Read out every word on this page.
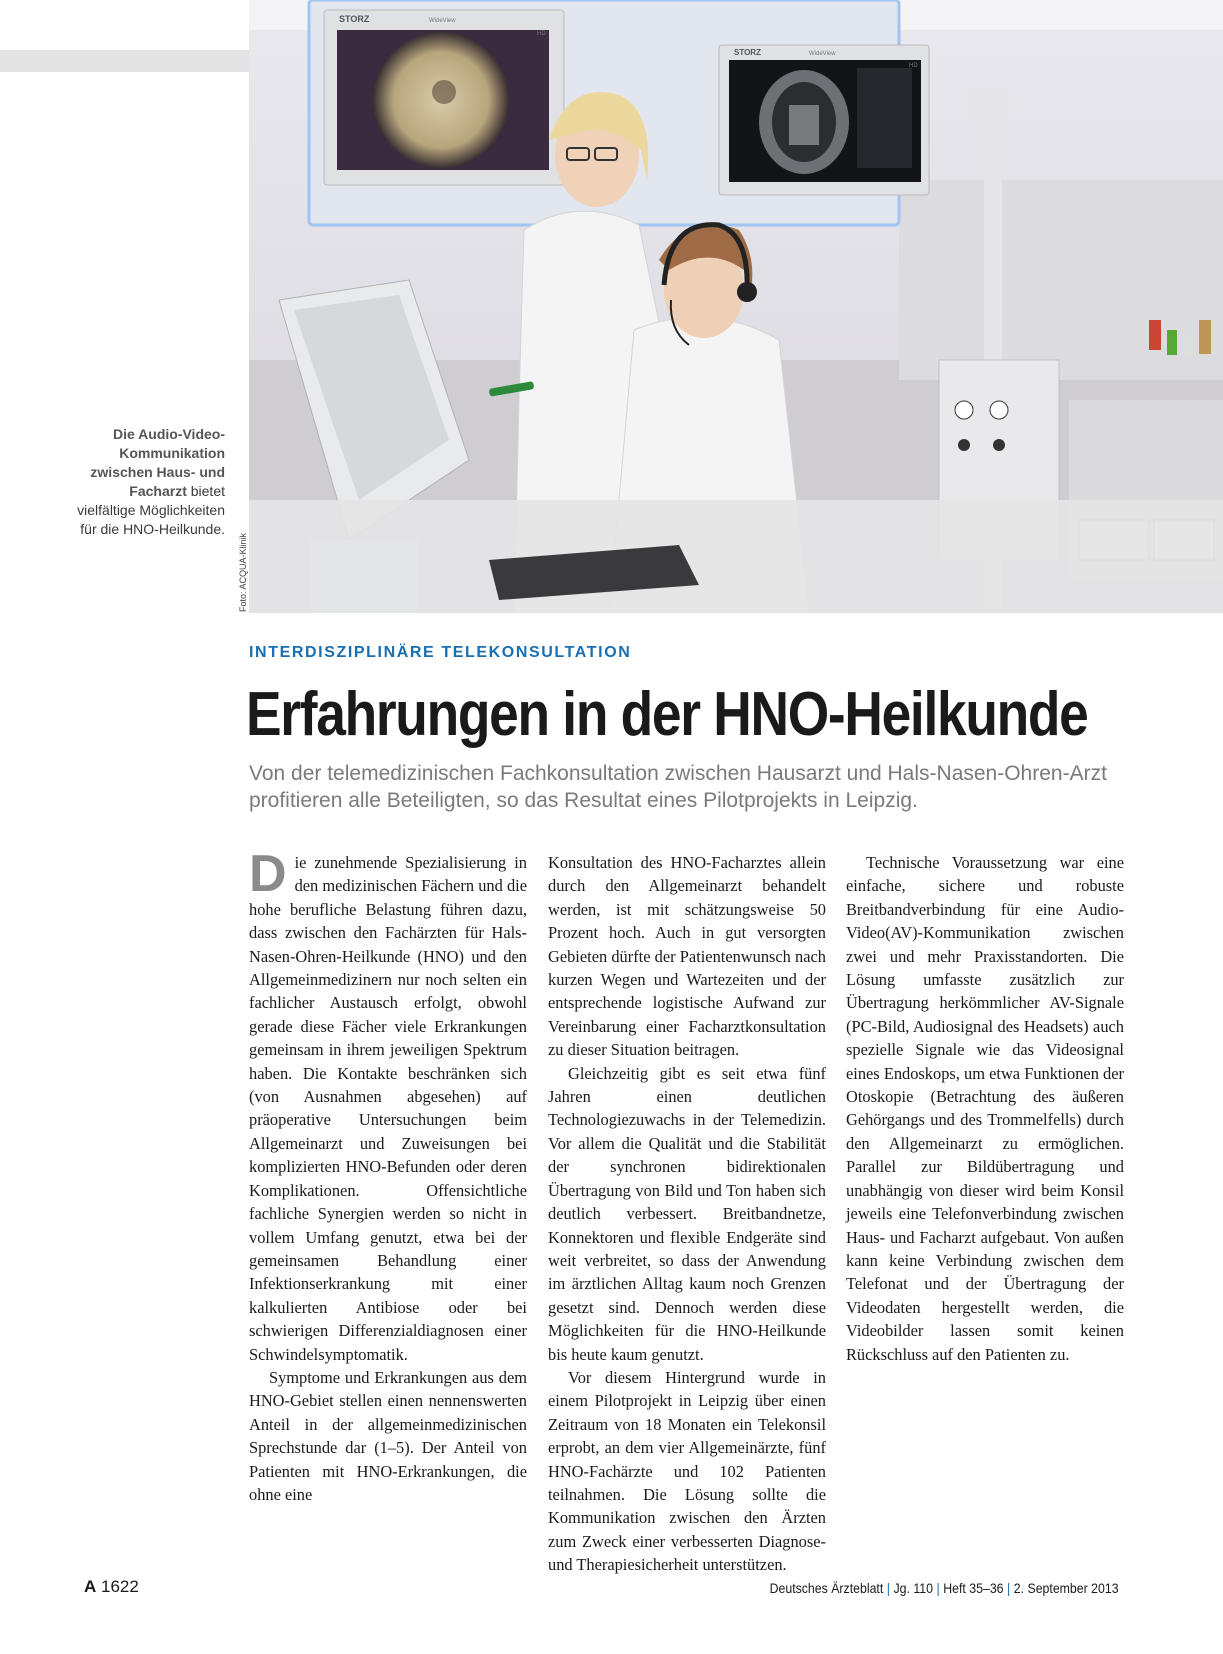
STORZ	WideView
HD
STORZ	WideView
HD
Die Audio-Video-Kommunikation zwischen Haus- und Facharzt bietet vielfältige Möglichkeiten für die HNO-Heilkunde.
Foto: ACQUA-Klinik
INTERDISZIPLINÄRE TELEKONSULTATION
Erfahrungen in der HNO-Heilkunde
Von der telemedizinischen Fachkonsultation zwischen Hausarzt und Hals-Nasen-Ohren-Arzt profitieren alle Beteiligten, so das Resultat eines Pilotprojekts in Leipzig.

Die zunehmende Spezialisierung in den medizinischen Fächern und die hohe berufliche Belastung führen dazu, dass zwischen den Fachärzten für Hals-Nasen-Ohren-Heilkunde (HNO) und den Allgemeinmedizinern nur noch selten ein fachlicher Austausch erfolgt, obwohl gerade diese Fächer viele Erkrankungen gemeinsam in ihrem jeweiligen Spektrum haben. Die Kontakte beschränken sich (von Ausnahmen abgesehen) auf präoperative Untersuchungen beim Allgemeinarzt und Zuweisungen bei komplizierten HNO-Befunden oder deren Komplikationen. Offensichtliche fachliche Synergien werden so nicht in vollem Umfang genutzt, etwa bei der gemeinsamen Behandlung einer Infektionserkrankung mit einer kalkulierten Antibiose oder bei schwierigen Differenzialdiagnosen einer Schwindelsymptomatik.

Symptome und Erkrankungen aus dem HNO-Gebiet stellen einen nennenswerten Anteil in der allgemeinmedizinischen Sprechstunde dar (1–5). Der Anteil von Patienten mit HNO-Erkrankungen, die ohne eine

Konsultation des HNO-Facharztes allein durch den Allgemeinarzt behandelt werden, ist mit schätzungsweise 50 Prozent hoch. Auch in gut versorgten Gebieten dürfte der Patientenwunsch nach kurzen Wegen und Wartezeiten und der entsprechende logistische Aufwand zur Vereinbarung einer Facharztkonsultation zu dieser Situation beitragen.

Gleichzeitig gibt es seit etwa fünf Jahren einen deutlichen Technologiezuwachs in der Telemedizin. Vor allem die Qualität und die Stabilität der synchronen bidirektionalen Übertragung von Bild und Ton haben sich deutlich verbessert. Breitbandnetze, Konnektoren und flexible Endgeräte sind weit verbreitet, so dass der Anwendung im ärztlichen Alltag kaum noch Grenzen gesetzt sind. Dennoch werden diese Möglichkeiten für die HNO-Heilkunde bis heute kaum genutzt.

Vor diesem Hintergrund wurde in einem Pilotprojekt in Leipzig über einen Zeitraum von 18 Monaten ein Telekonsil erprobt, an dem vier Allgemeinärzte, fünf HNO-Fachärzte und 102 Patienten teilnahmen. Die Lösung sollte die Kommunikation zwischen den Ärzten zum Zweck einer verbesserten Diagnose- und Therapiesicherheit unterstützen.

Technische Voraussetzung war eine einfache, sichere und robuste Breitbandverbindung für eine Audio-Video(AV)-Kommunikation zwischen zwei und mehr Praxisstandorten. Die Lösung umfasste zusätzlich zur Übertragung herkömmlicher AV-Signale (PC-Bild, Audiosignal des Headsets) auch spezielle Signale wie das Videosignal eines Endoskops, um etwa Funktionen der Otoskopie (Betrachtung des äußeren Gehörgangs und des Trommelfells) durch den Allgemeinarzt zu ermöglichen. Parallel zur Bildübertragung und unabhängig von dieser wird beim Konsil jeweils eine Telefonverbindung zwischen Haus- und Facharzt aufgebaut. Von außen kann keine Verbindung zwischen dem Telefonat und der Übertragung der Videodaten hergestellt werden, die Videobilder lassen somit keinen Rückschluss auf den Patienten zu.

A 1622	Deutsches Ärzteblatt | Jg. 110 | Heft 35–36 | 2. September 2013
